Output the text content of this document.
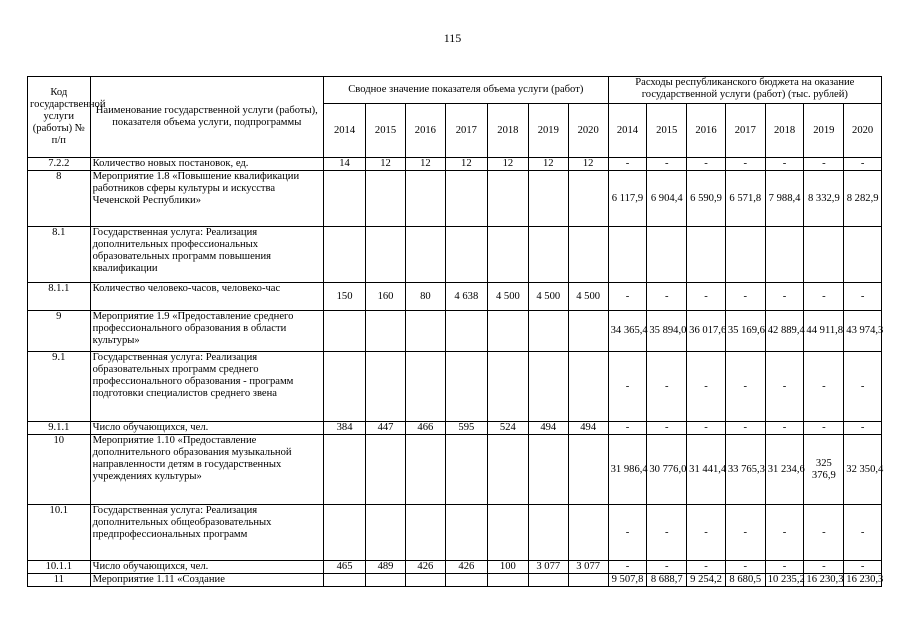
115
Код государственной услуги (работы) № п/п	Наименование государственной услуги (работы), показателя объема услуги, подпрограммы	Сводное значение показателя объема услуги (работ)							Расходы республиканского бюджета на оказание государственной услуги (работ) (тыс. рублей)						
		2014	2015	2016	2017	2018	2019	2020	2014	2015	2016	2017	2018	2019	2020
7.2.2	Количество новых постановок, ед.	14	12	12	12	12	12	12	-	-	-	-	-	-	-
8	Мероприятие 1.8 «Повышение квалификации работников сферы культуры и искусства Чеченской Республики»								6 117,9	6 904,4	6 590,9	6 571,8	7 988,4	8 332,9	8 282,9
8.1	Государственная услуга: Реализация дополнительных профессиональных образовательных программ повышения квалификации														
8.1.1	Количество человеко-часов, человеко-час	150	160	80	4 638	4 500	4 500	4 500	-	-	-	-	-	-	-
9	Мероприятие 1.9 «Предоставление среднего профессионального образования в области культуры»								34 365,4	35 894,0	36 017,6	35 169,6	42 889,4	44 911,8	43 974,3
9.1	Государственная услуга: Реализация образовательных программ среднего профессионального образования - программ подготовки специалистов среднего звена								-	-	-	-	-	-	-
9.1.1	Число обучающихся, чел.	384	447	466	595	524	494	494	-	-	-	-	-	-	-
10	Мероприятие 1.10 «Предоставление дополнительного образования музыкальной направленности детям в государственных учреждениях культуры»								31 986,4	30 776,0	31 441,4	33 765,3	31 234,6	325 376,9	32 350,4
10.1	Государственная услуга: Реализация дополнительных общеобразовательных предпрофессиональных программ								-	-	-	-	-	-	-
10.1.1	Число обучающихся, чел.	465	489	426	426	100	3 077	3 077	-	-	-	-	-	-	-
11	Мероприятие 1.11 «Создание								9 507,8	8 688,7	9 254,2	8 680,5	10 235,2	16 230,3	16 230,3
